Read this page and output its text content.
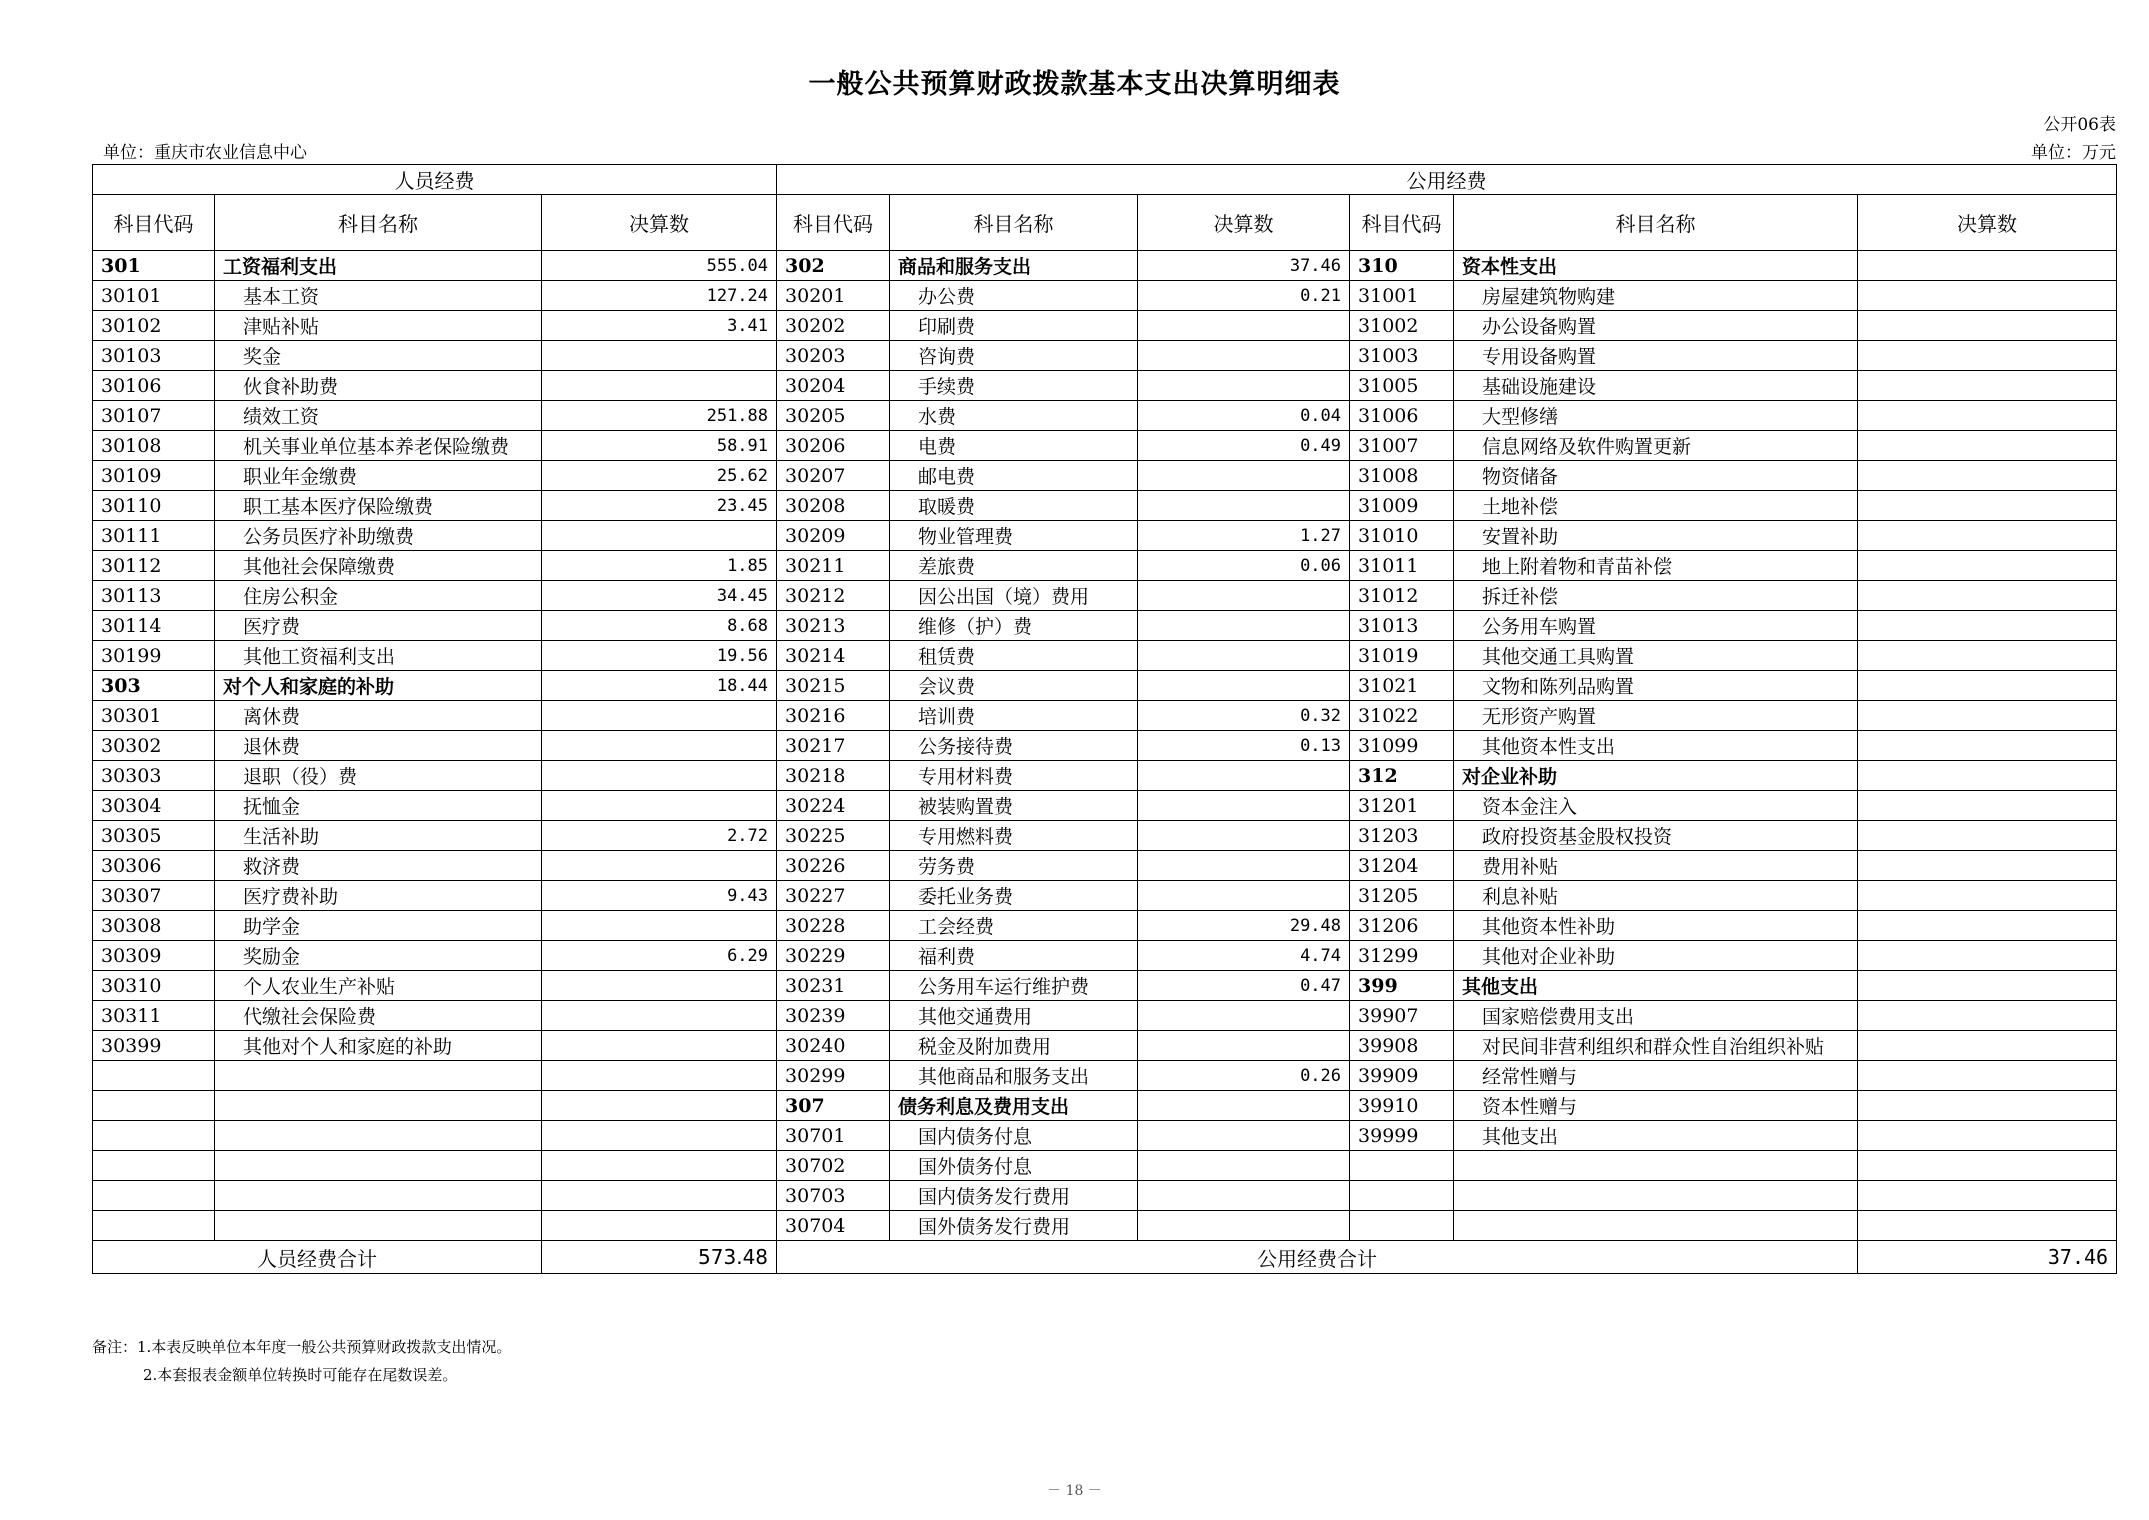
一般公共预算财政拨款基本支出决算明细表
公开06表
单位：重庆市农业信息中心	单位：万元
人员经费			公用经费					
科目代码	科目名称	决算数	科目代码	科目名称	决算数	科目代码	科目名称	决算数
301	工资福利支出	555.04	302	商品和服务支出	37.46	310	资本性支出	
30101	基本工资	127.24	30201	办公费	0.21	31001	房屋建筑物购建	
30102	津贴补贴	3.41	30202	印刷费		31002	办公设备购置	
30103	奖金		30203	咨询费		31003	专用设备购置	
30106	伙食补助费		30204	手续费		31005	基础设施建设	
30107	绩效工资	251.88	30205	水费	0.04	31006	大型修缮	
30108	机关事业单位基本养老保险缴费	58.91	30206	电费	0.49	31007	信息网络及软件购置更新	
30109	职业年金缴费	25.62	30207	邮电费		31008	物资储备	
30110	职工基本医疗保险缴费	23.45	30208	取暖费		31009	土地补偿	
30111	公务员医疗补助缴费		30209	物业管理费	1.27	31010	安置补助	
30112	其他社会保障缴费	1.85	30211	差旅费	0.06	31011	地上附着物和青苗补偿	
30113	住房公积金	34.45	30212	因公出国（境）费用		31012	拆迁补偿	
30114	医疗费	8.68	30213	维修（护）费		31013	公务用车购置	
30199	其他工资福利支出	19.56	30214	租赁费		31019	其他交通工具购置	
303	对个人和家庭的补助	18.44	30215	会议费		31021	文物和陈列品购置	
30301	离休费		30216	培训费	0.32	31022	无形资产购置	
30302	退休费		30217	公务接待费	0.13	31099	其他资本性支出	
30303	退职（役）费		30218	专用材料费		312	对企业补助	
30304	抚恤金		30224	被装购置费		31201	资本金注入	
30305	生活补助	2.72	30225	专用燃料费		31203	政府投资基金股权投资	
30306	救济费		30226	劳务费		31204	费用补贴	
30307	医疗费补助	9.43	30227	委托业务费		31205	利息补贴	
30308	助学金		30228	工会经费	29.48	31206	其他资本性补助	
30309	奖励金	6.29	30229	福利费	4.74	31299	其他对企业补助	
30310	个人农业生产补贴		30231	公务用车运行维护费	0.47	399	其他支出	
30311	代缴社会保险费		30239	其他交通费用		39907	国家赔偿费用支出	
30399	其他对个人和家庭的补助		30240	税金及附加费用		39908	对民间非营利组织和群众性自治组织补贴	
			30299	其他商品和服务支出	0.26	39909	经常性赠与	
			307	债务利息及费用支出		39910	资本性赠与	
			30701	国内债务付息		39999	其他支出	
			30702	国外债务付息				
			30703	国内债务发行费用				
			30704	国外债务发行费用				
人员经费合计		573.48	公用经费合计					37.46
备注：1.本表反映单位本年度一般公共预算财政拨款支出情况。
2.本套报表金额单位转换时可能存在尾数误差。
－ 18 －
